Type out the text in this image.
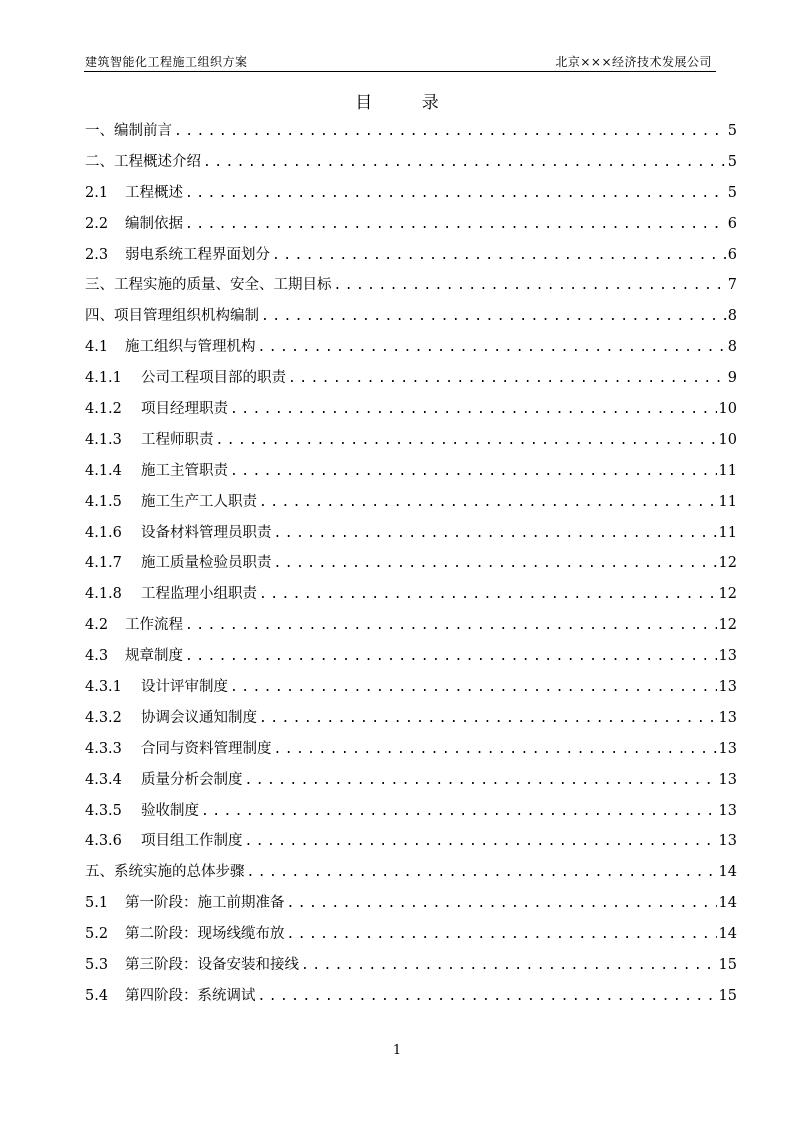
建筑智能化工程施工组织方案	北京×××经济技术发展公司
目 录
一、 编制前言 .....	5
二、 工程概述介绍 .....	5
2.1	工程概述 .....	5
2.2	编制依据 .....	6
2.3	弱电系统工程界面划分 .....	6
三、 工程实施的质量、安全、工期目标 .....	7
四、 项目管理组织机构编制 .....	8
4.1	施工组织与管理机构 .....	8
4.1.1	公司工程项目部的职责 .....	9
4.1.2	项目经理职责 .....	10
4.1.3	工程师职责 .....	10
4.1.4	施工主管职责 .....	11
4.1.5	施工生产工人职责 .....	11
4.1.6	设备材料管理员职责 .....	11
4.1.7	施工质量检验员职责 .....	12
4.1.8	工程监理小组职责 .....	12
4.2	工作流程 .....	12
4.3	规章制度 .....	13
4.3.1	设计评审制度 .....	13
4.3.2	协调会议通知制度 .....	13
4.3.3	合同与资料管理制度 .....	13
4.3.4	质量分析会制度 .....	13
4.3.5	验收制度 .....	13
4.3.6	项目组工作制度 .....	13
五、 系统实施的总体步骤 .....	14
5.1	第一阶段：施工前期准备 .....	14
5.2	第二阶段：现场线缆布放 .....	14
5.3	第三阶段：设备安装和接线 .....	15
5.4	第四阶段：系统调试 .....	15
1
